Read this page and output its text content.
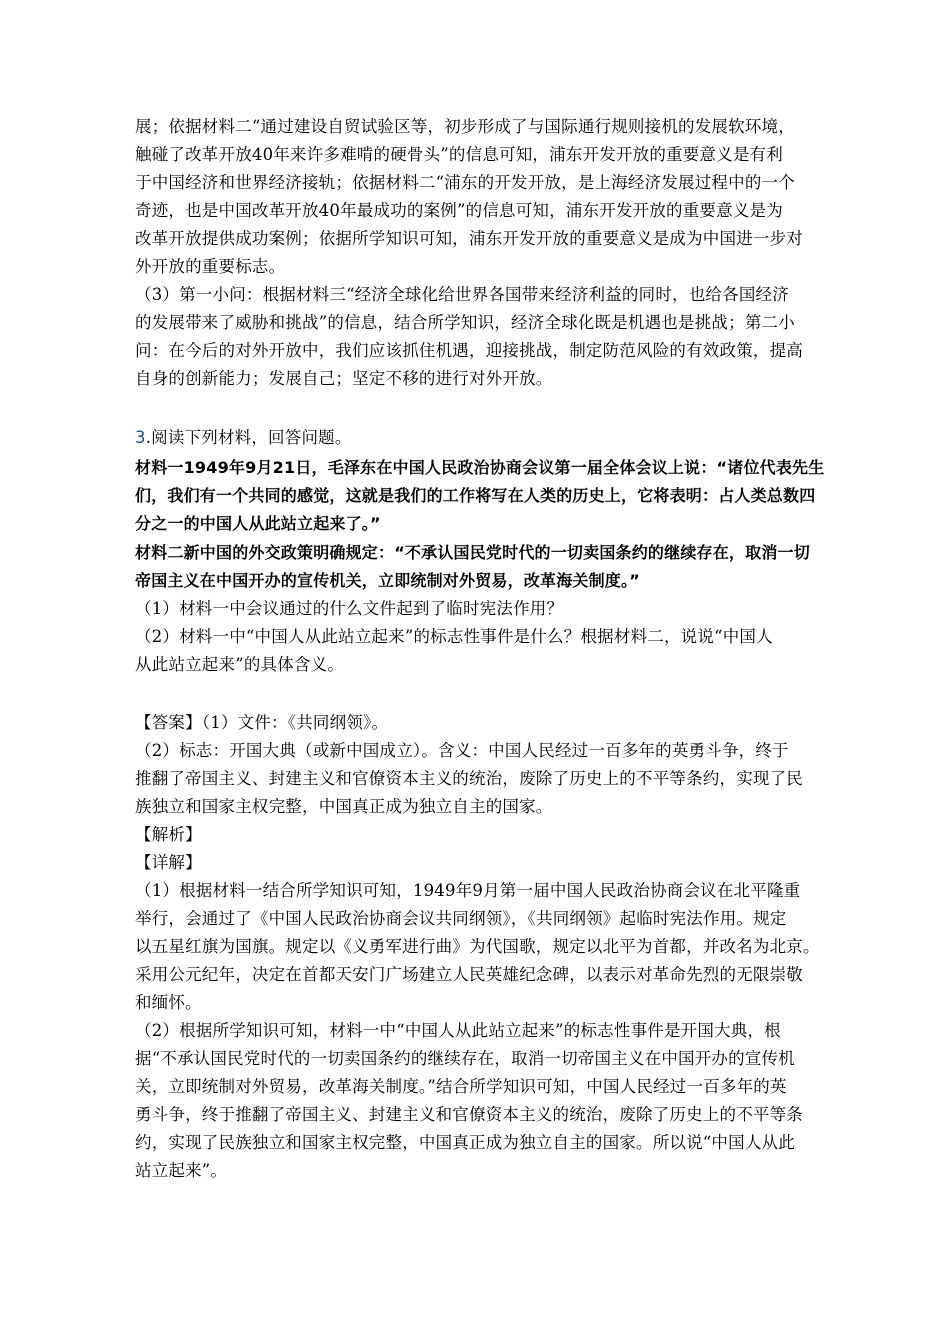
展；依据材料二“通过建设自贸试验区等，初步形成了与国际通行规则接机的发展软环境，
触碰了改革开放40年来许多难啃的硬骨头”的信息可知，浦东开发开放的重要意义是有利
于中国经济和世界经济接轨；依据材料二“浦东的开发开放，是上海经济发展过程中的一个
奇迹，也是中国改革开放40年最成功的案例”的信息可知，浦东开发开放的重要意义是为
改革开放提供成功案例；依据所学知识可知，浦东开发开放的重要意义是成为中国进一步对
外开放的重要标志。
（3）第一小问：根据材料三“经济全球化给世界各国带来经济利益的同时，也给各国经济
的发展带来了威胁和挑战”的信息，结合所学知识，经济全球化既是机遇也是挑战；第二小
问：在今后的对外开放中，我们应该抓住机遇，迎接挑战，制定防范风险的有效政策，提高
自身的创新能力；发展自己；坚定不移的进行对外开放。
3.阅读下列材料，回答问题。
材料一1949年9月21日，毛泽东在中国人民政治协商会议第一届全体会议上说：“诸位代表先生
们，我们有一个共同的感觉，这就是我们的工作将写在人类的历史上，它将表明：占人类总数四
分之一的中国人从此站立起来了。”
材料二新中国的外交政策明确规定：“不承认国民党时代的一切卖国条约的继续存在，取消一切
帝国主义在中国开办的宣传机关，立即统制对外贸易，改革海关制度。”
（1）材料一中会议通过的什么文件起到了临时宪法作用？
（2）材料一中“中国人从此站立起来”的标志性事件是什么？根据材料二，说说“中国人
从此站立起来”的具体含义。
【答案】（1）文件：《共同纲领》。
（2）标志：开国大典（或新中国成立）。含义：中国人民经过一百多年的英勇斗争，终于
推翻了帝国主义、封建主义和官僚资本主义的统治，废除了历史上的不平等条约，实现了民
族独立和国家主权完整，中国真正成为独立自主的国家。
【解析】
【详解】
（1）根据材料一结合所学知识可知，1949年9月第一届中国人民政治协商会议在北平隆重
举行，会通过了《中国人民政治协商会议共同纲领》，《共同纲领》起临时宪法作用。规定
以五星红旗为国旗。规定以《义勇军进行曲》为代国歌，规定以北平为首都，并改名为北京。
采用公元纪年，决定在首都天安门广场建立人民英雄纪念碑，以表示对革命先烈的无限崇敬
和缅怀。
（2）根据所学知识可知，材料一中“中国人从此站立起来”的标志性事件是开国大典，根
据“不承认国民党时代的一切卖国条约的继续存在，取消一切帝国主义在中国开办的宣传机
关，立即统制对外贸易，改革海关制度。”结合所学知识可知，中国人民经过一百多年的英
勇斗争，终于推翻了帝国主义、封建主义和官僚资本主义的统治，废除了历史上的不平等条
约，实现了民族独立和国家主权完整，中国真正成为独立自主的国家。所以说“中国人从此
站立起来”。
